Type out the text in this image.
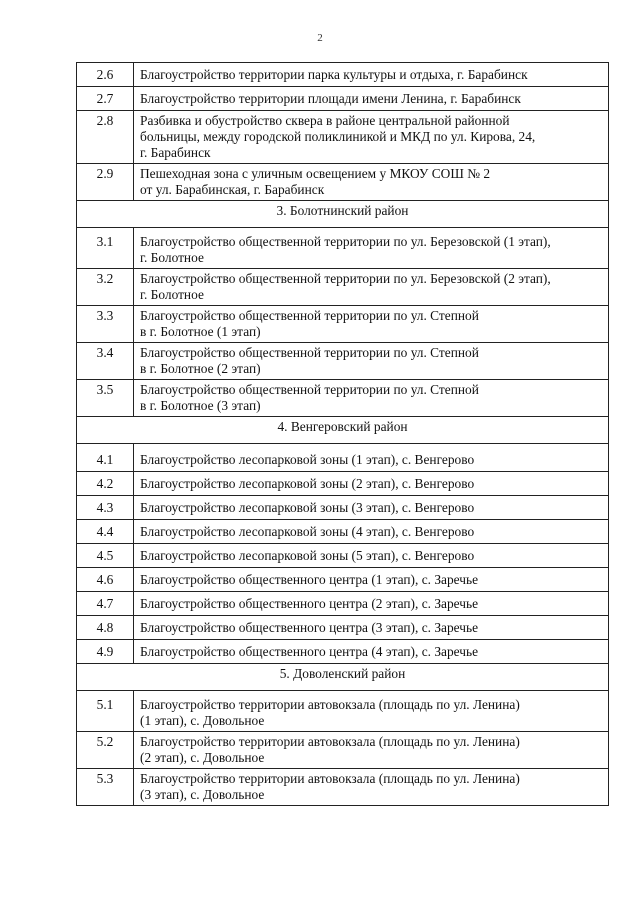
2
2.6	Благоустройство территории парка культуры и отдыха, г. Барабинск
2.7	Благоустройство территории площади имени Ленина, г. Барабинск
2.8	Разбивка и обустройство сквера в районе центральной районной
больницы, между городской поликлиникой и МКД по ул. Кирова, 24,
г. Барабинск

2.9	Пешеходная зона с уличным освещением у МКОУ СОШ № 2
от ул. Барабинская, г. Барабинск

3. Болотнинский район	
3.1	Благоустройство общественной территории по ул. Березовской (1 этап),
г. Болотное

3.2	Благоустройство общественной территории по ул. Березовской (2 этап),
г. Болотное

3.3	Благоустройство общественной территории по ул. Степной
в г. Болотное (1 этап)

3.4	Благоустройство общественной территории по ул. Степной
в г. Болотное (2 этап)

3.5	Благоустройство общественной территории по ул. Степной
в г. Болотное (3 этап)

4. Венгеровский район	
4.1	Благоустройство лесопарковой зоны (1 этап), с. Венгерово
4.2	Благоустройство лесопарковой зоны (2 этап), с. Венгерово
4.3	Благоустройство лесопарковой зоны (3 этап), с. Венгерово
4.4	Благоустройство лесопарковой зоны (4 этап), с. Венгерово
4.5	Благоустройство лесопарковой зоны (5 этап), с. Венгерово
4.6	Благоустройство общественного центра (1 этап), с. Заречье
4.7	Благоустройство общественного центра (2 этап), с. Заречье
4.8	Благоустройство общественного центра (3 этап), с. Заречье
4.9	Благоустройство общественного центра (4 этап), с. Заречье
5. Доволенский район	
5.1	Благоустройство территории автовокзала (площадь по ул. Ленина)
(1 этап), с. Довольное

5.2	Благоустройство территории автовокзала (площадь по ул. Ленина)
(2 этап), с. Довольное

5.3	Благоустройство территории автовокзала (площадь по ул. Ленина)
(3 этап), с. Довольное
